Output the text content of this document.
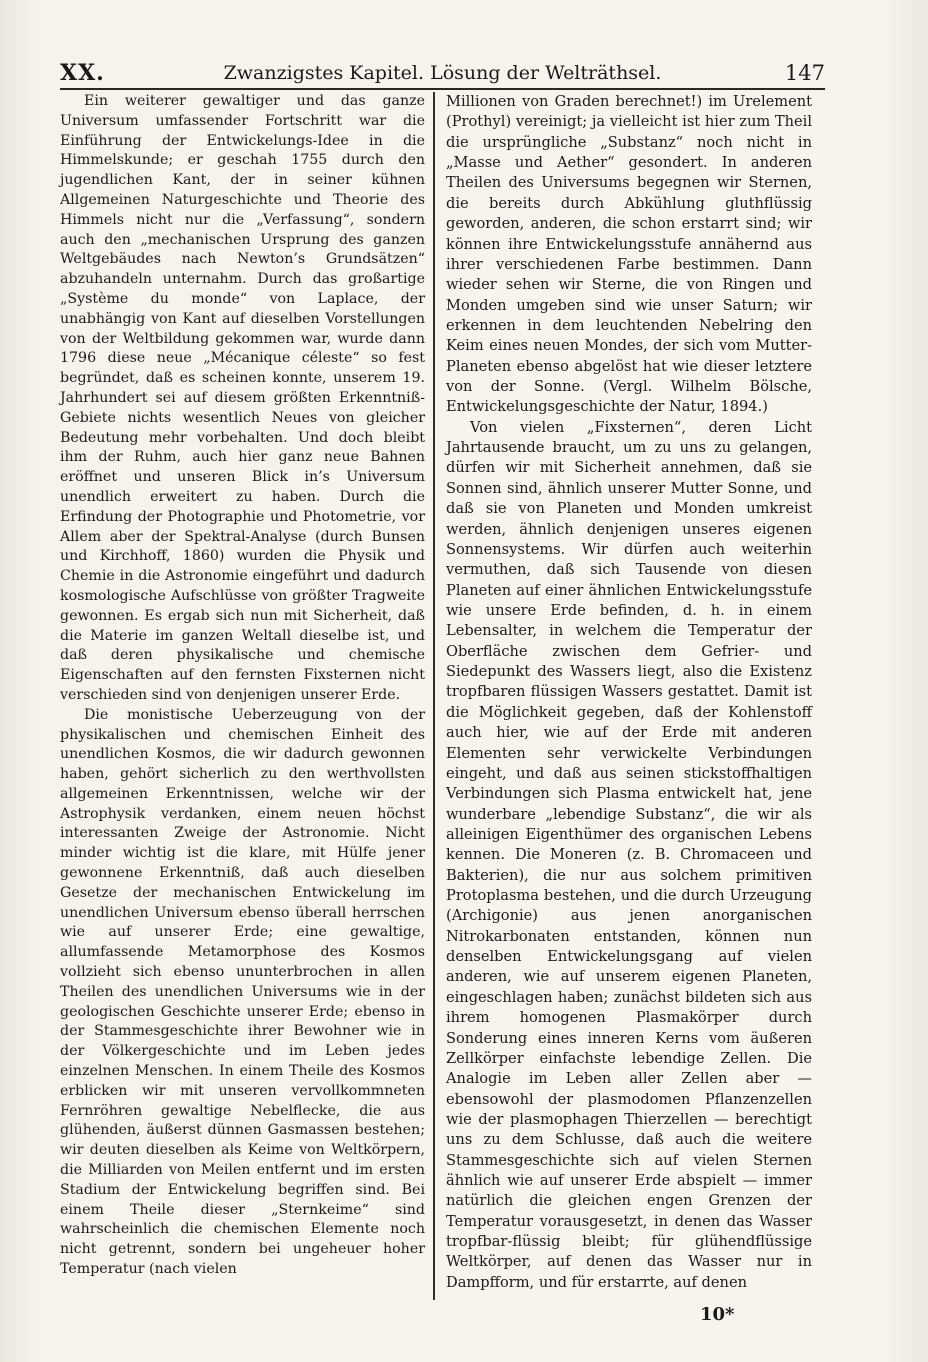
XX.	Zwanzigstes Kapitel. Lösung der Welträthsel.	147

Ein weiterer gewaltiger und das ganze Universum umfassender Fortschritt war die Einführung der Entwickelungs-Idee in die Himmelskunde; er geschah 1755 durch den jugendlichen Kant, der in seiner kühnen Allgemeinen Naturgeschichte und Theorie des Himmels nicht nur die „Verfassung“, sondern auch den „mechanischen Ursprung des ganzen Weltgebäudes nach Newton’s Grundsätzen“ abzuhandeln unternahm. Durch das großartige „Système du monde“ von Laplace, der unabhängig von Kant auf dieselben Vorstellungen von der Weltbildung gekommen war, wurde dann 1796 diese neue „Mécanique céleste“ so fest begründet, daß es scheinen konnte, unserem 19. Jahrhundert sei auf diesem größten Erkenntniß-Gebiete nichts wesentlich Neues von gleicher Bedeutung mehr vorbehalten. Und doch bleibt ihm der Ruhm, auch hier ganz neue Bahnen eröffnet und unseren Blick in’s Universum unendlich erweitert zu haben. Durch die Erfindung der Photographie und Photometrie, vor Allem aber der Spektral-Analyse (durch Bunsen und Kirchhoff, 1860) wurden die Physik und Chemie in die Astronomie eingeführt und dadurch kosmologische Aufschlüsse von größter Tragweite gewonnen. Es ergab sich nun mit Sicherheit, daß die Materie im ganzen Weltall dieselbe ist, und daß deren physikalische und chemische Eigenschaften auf den fernsten Fixsternen nicht verschieden sind von denjenigen unserer Erde.

Die monistische Ueberzeugung von der physikalischen und chemischen Einheit des unendlichen Kosmos, die wir dadurch gewonnen haben, gehört sicherlich zu den werthvollsten allgemeinen Erkenntnissen, welche wir der Astrophysik verdanken, einem neuen höchst interessanten Zweige der Astronomie. Nicht minder wichtig ist die klare, mit Hülfe jener gewonnene Erkenntniß, daß auch dieselben Gesetze der mechanischen Entwickelung im unendlichen Universum ebenso überall herrschen wie auf unserer Erde; eine gewaltige, allumfassende Metamorphose des Kosmos vollzieht sich ebenso ununterbrochen in allen Theilen des unendlichen Universums wie in der geologischen Geschichte unserer Erde; ebenso in der Stammesgeschichte ihrer Bewohner wie in der Völkergeschichte und im Leben jedes einzelnen Menschen. In einem Theile des Kosmos erblicken wir mit unseren vervollkommneten Fernröhren gewaltige Nebelflecke, die aus glühenden, äußerst dünnen Gasmassen bestehen; wir deuten dieselben als Keime von Weltkörpern, die Milliarden von Meilen entfernt und im ersten Stadium der Entwickelung begriffen sind. Bei einem Theile dieser „Sternkeime“ sind wahrscheinlich die chemischen Elemente noch nicht getrennt, sondern bei ungeheuer hoher Temperatur (nach vielen

Millionen von Graden berechnet!) im Urelement (Prothyl) vereinigt; ja vielleicht ist hier zum Theil die ursprüngliche „Substanz“ noch nicht in „Masse und Aether“ gesondert. In anderen Theilen des Universums begegnen wir Sternen, die bereits durch Abkühlung gluthflüssig geworden, anderen, die schon erstarrt sind; wir können ihre Entwickelungsstufe annähernd aus ihrer verschiedenen Farbe bestimmen. Dann wieder sehen wir Sterne, die von Ringen und Monden umgeben sind wie unser Saturn; wir erkennen in dem leuchtenden Nebelring den Keim eines neuen Mondes, der sich vom Mutter-Planeten ebenso abgelöst hat wie dieser letztere von der Sonne. (Vergl. Wilhelm Bölsche, Entwickelungsgeschichte der Natur, 1894.)

Von vielen „Fixsternen“, deren Licht Jahrtausende braucht, um zu uns zu gelangen, dürfen wir mit Sicherheit annehmen, daß sie Sonnen sind, ähnlich unserer Mutter Sonne, und daß sie von Planeten und Monden umkreist werden, ähnlich denjenigen unseres eigenen Sonnensystems. Wir dürfen auch weiterhin vermuthen, daß sich Tausende von diesen Planeten auf einer ähnlichen Entwickelungsstufe wie unsere Erde befinden, d. h. in einem Lebensalter, in welchem die Temperatur der Oberfläche zwischen dem Gefrier- und Siedepunkt des Wassers liegt, also die Existenz tropfbaren flüssigen Wassers gestattet. Damit ist die Möglichkeit gegeben, daß der Kohlenstoff auch hier, wie auf der Erde mit anderen Elementen sehr verwickelte Verbindungen eingeht, und daß aus seinen stickstoffhaltigen Verbindungen sich Plasma entwickelt hat, jene wunderbare „lebendige Substanz“, die wir als alleinigen Eigenthümer des organischen Lebens kennen. Die Moneren (z. B. Chromaceen und Bakterien), die nur aus solchem primitiven Protoplasma bestehen, und die durch Urzeugung (Archigonie) aus jenen anorganischen Nitrokarbonaten entstanden, können nun denselben Entwickelungsgang auf vielen anderen, wie auf unserem eigenen Planeten, eingeschlagen haben; zunächst bildeten sich aus ihrem homogenen Plasmakörper durch Sonderung eines inneren Kerns vom äußeren Zellkörper einfachste lebendige Zellen. Die Analogie im Leben aller Zellen aber — ebensowohl der plasmodomen Pflanzenzellen wie der plasmophagen Thierzellen — berechtigt uns zu dem Schlusse, daß auch die weitere Stammesgeschichte sich auf vielen Sternen ähnlich wie auf unserer Erde abspielt — immer natürlich die gleichen engen Grenzen der Temperatur vorausgesetzt, in denen das Wasser tropfbar-flüssig bleibt; für glühendflüssige Weltkörper, auf denen das Wasser nur in Dampfform, und für erstarrte, auf denen

10*
